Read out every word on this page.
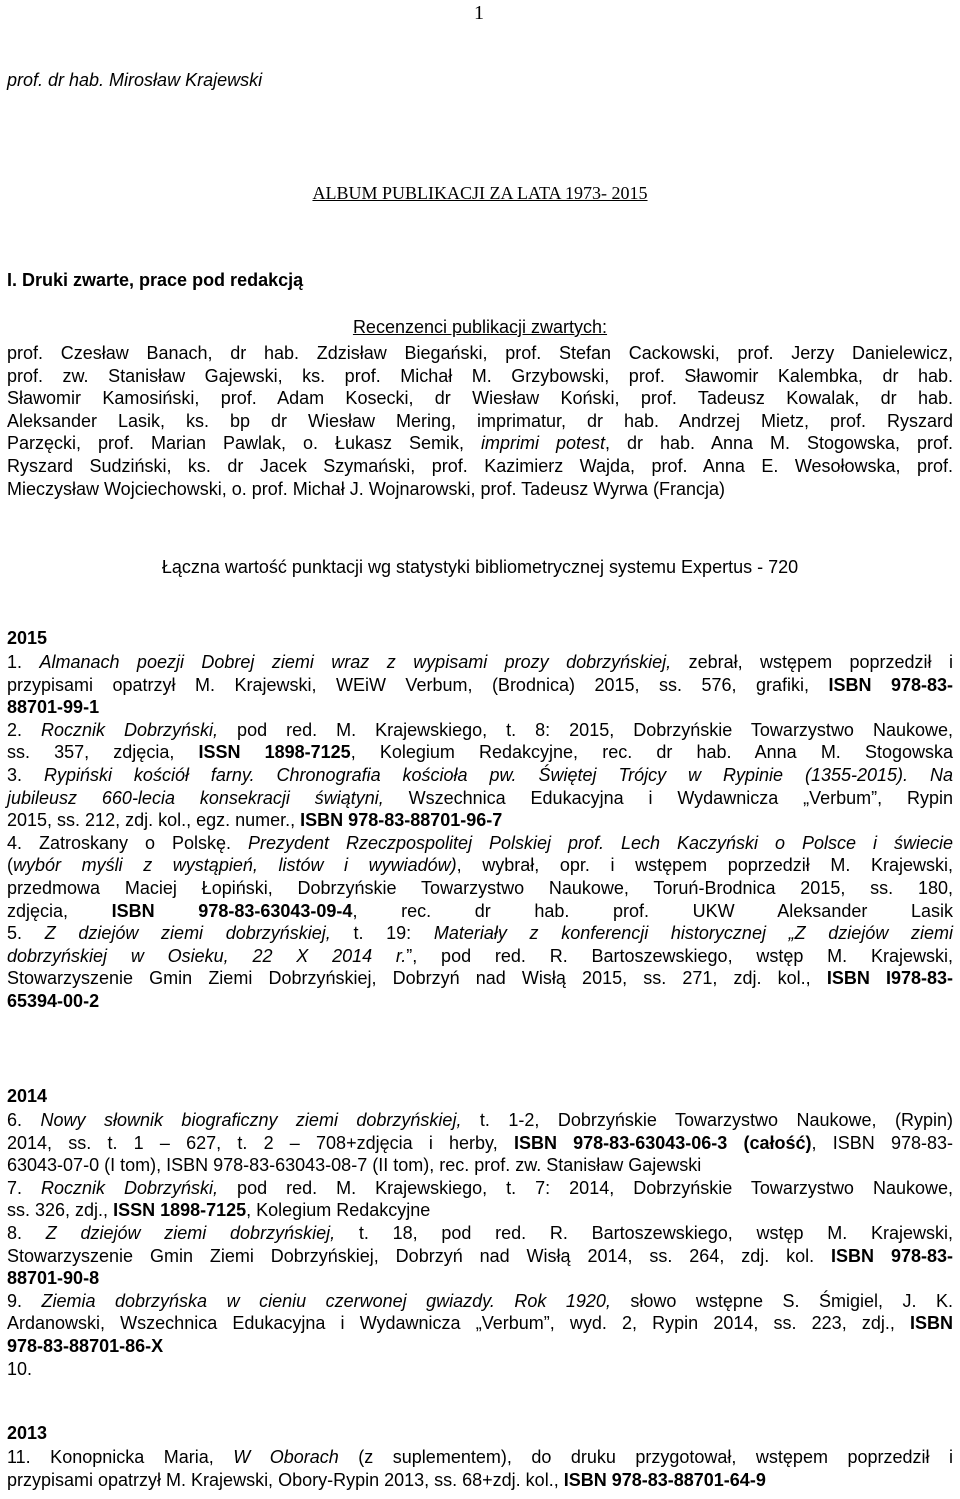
1
prof. dr hab. Mirosław Krajewski
ALBUM PUBLIKACJI ZA LATA 1973- 2015
I. Druki zwarte, prace pod redakcją
Recenzenci publikacji zwartych:
prof. Czesław Banach, dr hab. Zdzisław Biegański, prof. Stefan Cackowski, prof. Jerzy Danielewicz,
prof. zw. Stanisław Gajewski, ks. prof. Michał M. Grzybowski, prof. Sławomir Kalembka, dr hab.
Sławomir Kamosiński, prof. Adam Kosecki, dr Wiesław Koński, prof. Tadeusz Kowalak, dr hab.
Aleksander Lasik, ks. bp dr Wiesław Mering, imprimatur, dr hab. Andrzej Mietz, prof. Ryszard
Parzęcki, prof. Marian Pawlak, o. Łukasz Semik, imprimi potest, dr hab. Anna M. Stogowska, prof.
Ryszard Sudziński, ks. dr Jacek Szymański, prof. Kazimierz Wajda, prof. Anna E. Wesołowska, prof.
Mieczysław Wojciechowski, o. prof. Michał J. Wojnarowski, prof. Tadeusz Wyrwa (Francja)
Łączna wartość punktacji wg statystyki bibliometrycznej systemu Expertus - 720
2015
1. Almanach poezji Dobrej ziemi wraz z wypisami prozy dobrzyńskiej, zebrał, wstępem poprzedził i
przypisami opatrzył M. Krajewski, WEiW Verbum, (Brodnica) 2015, ss. 576, grafiki, ISBN 978-83-
88701-99-1
2. Rocznik Dobrzyński, pod red. M. Krajewskiego, t. 8: 2015, Dobrzyńskie Towarzystwo Naukowe,
ss. 357, zdjęcia, ISSN 1898-7125, Kolegium Redakcyjne, rec. dr hab. Anna M. Stogowska
3. Rypiński kościół farny. Chronografia kościoła pw. Świętej Trójcy w Rypinie (1355-2015). Na
jubileusz 660-lecia konsekracji świątyni, Wszechnica Edukacyjna i Wydawnicza „Verbum”, Rypin
2015, ss. 212, zdj. kol., egz. numer., ISBN 978-83-88701-96-7
4. Zatroskany o Polskę. Prezydent Rzeczpospolitej Polskiej prof. Lech Kaczyński o Polsce i świecie
(wybór myśli z wystąpień, listów i wywiadów), wybrał, opr. i wstępem poprzedził M. Krajewski,
przedmowa Maciej Łopiński, Dobrzyńskie Towarzystwo Naukowe, Toruń-Brodnica 2015, ss. 180,
zdjęcia, ISBN 978-83-63043-09-4, rec. dr hab. prof. UKW Aleksander Lasik
5. Z dziejów ziemi dobrzyńskiej, t. 19: Materiały z konferencji historycznej „Z dziejów ziemi
dobrzyńskiej w Osieku, 22 X 2014 r.”, pod red. R. Bartoszewskiego, wstęp M. Krajewski,
Stowarzyszenie Gmin Ziemi Dobrzyńskiej, Dobrzyń nad Wisłą 2015, ss. 271, zdj. kol., ISBN I978-83-
65394-00-2
2014
6. Nowy słownik biograficzny ziemi dobrzyńskiej, t. 1-2, Dobrzyńskie Towarzystwo Naukowe, (Rypin)
2014, ss. t. 1 – 627, t. 2 – 708+zdjęcia i herby, ISBN 978-83-63043-06-3 (całość), ISBN 978-83-
63043-07-0 (I tom), ISBN 978-83-63043-08-7 (II tom), rec. prof. zw. Stanisław Gajewski
7. Rocznik Dobrzyński, pod red. M. Krajewskiego, t. 7: 2014, Dobrzyńskie Towarzystwo Naukowe,
ss. 326, zdj., ISSN 1898-7125, Kolegium Redakcyjne
8. Z dziejów ziemi dobrzyńskiej, t. 18, pod red. R. Bartoszewskiego, wstęp M. Krajewski,
Stowarzyszenie Gmin Ziemi Dobrzyńskiej, Dobrzyń nad Wisłą 2014, ss. 264, zdj. kol. ISBN 978-83-
88701-90-8
9. Ziemia dobrzyńska w cieniu czerwonej gwiazdy. Rok 1920, słowo wstępne S. Śmigiel, J. K.
Ardanowski, Wszechnica Edukacyjna i Wydawnicza „Verbum”, wyd. 2, Rypin 2014, ss. 223, zdj., ISBN
978-83-88701-86-X
10.
2013
11. Konopnicka Maria, W Oborach (z suplementem), do druku przygotował, wstępem poprzedził i
przypisami opatrzył M. Krajewski, Obory-Rypin 2013, ss. 68+zdj. kol., ISBN 978-83-88701-64-9
